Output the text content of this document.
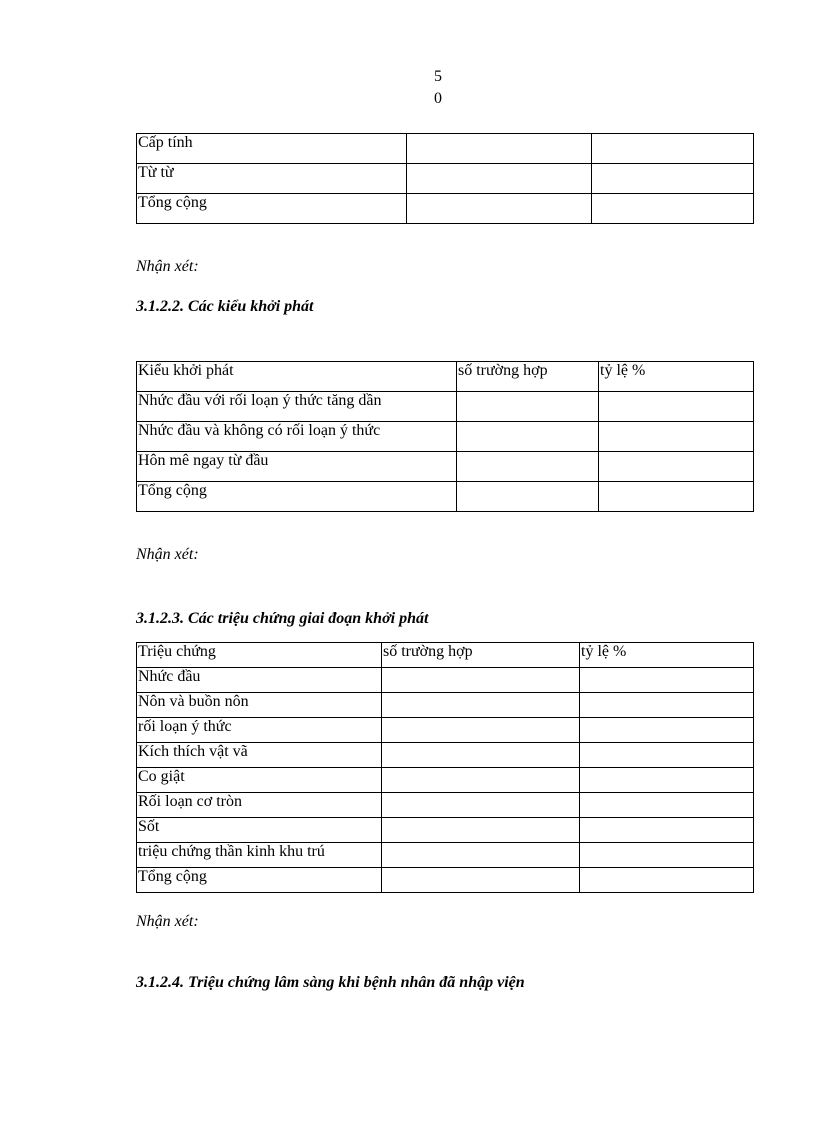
5
0
Cấp tính		
Từ từ		
Tổng cộng		
Nhận xét:
3.1.2.2. Các kiểu khởi phát
Kiểu khởi phát	số trường hợp	tỷ lệ %
Nhức đầu với rối loạn ý thức tăng dần		
Nhức đầu và không có rối loạn ý thức		
Hôn mê ngay từ đầu		
Tổng cộng		
Nhận xét:
3.1.2.3. Các triệu chứng giai đoạn khởi phát
Triệu chứng	số trường hợp	tỷ lệ %
Nhức đầu		
Nôn và buồn nôn		
rối loạn ý thức		
Kích thích vật vã		
Co giật		
Rối loạn cơ tròn		
Sốt		
triệu chứng thần kinh khu trú		
Tổng cộng		
Nhận xét:
3.1.2.4. Triệu chứng lâm sàng khi bệnh nhân đã nhập viện
